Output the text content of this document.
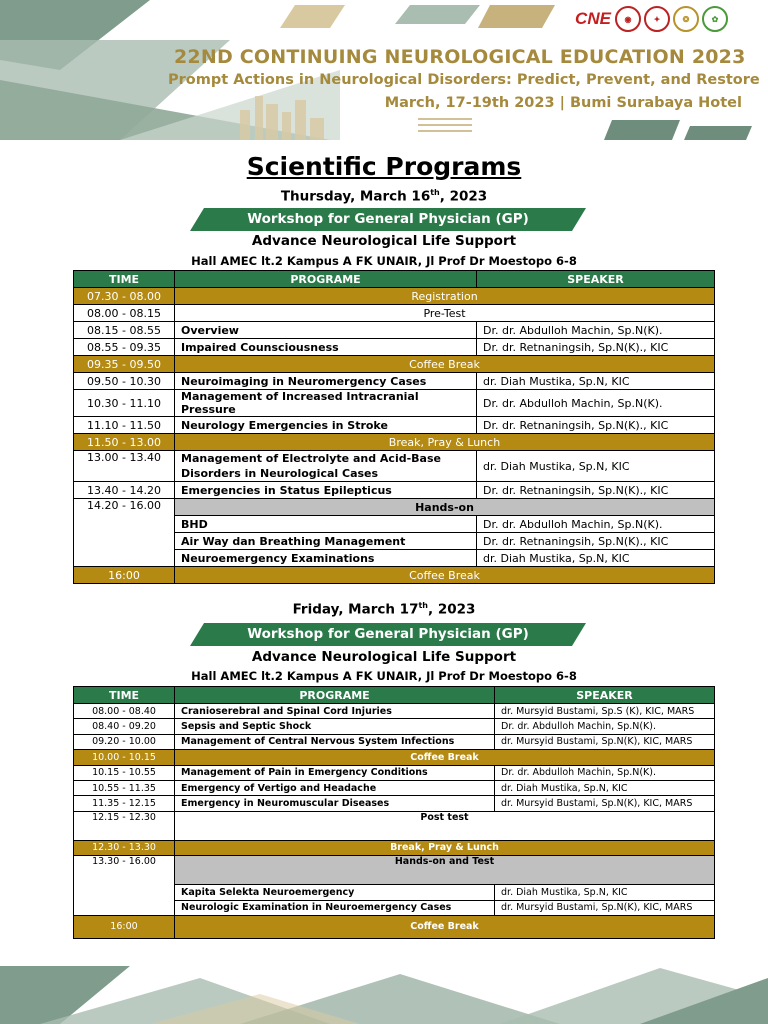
CNE	◉	✦	❂	✿
22ND CONTINUING NEUROLOGICAL EDUCATION 2023
Prompt Actions in Neurological Disorders: Predict, Prevent, and Restore
March, 17-19th 2023 | Bumi Surabaya Hotel
Scientific Programs
Thursday, March 16th, 2023
Workshop for General Physician (GP)
Advance Neurological Life Support
Hall AMEC lt.2 Kampus A FK UNAIR, Jl Prof Dr Moestopo 6-8
TIME	PROGRAME	SPEAKER
07.30 - 08.00	Registration	
08.00 - 08.15	Pre-Test	
08.15 - 08.55	Overview	Dr. dr. Abdulloh Machin, Sp.N(K).
08.55 - 09.35	Impaired Counsciousness	Dr. dr. Retnaningsih, Sp.N(K)., KIC
09.35 - 09.50	Coffee Break	
09.50 - 10.30	Neuroimaging in Neuromergency Cases	dr. Diah Mustika, Sp.N, KIC
10.30 - 11.10	Management of Increased Intracranial Pressure	Dr. dr. Abdulloh Machin, Sp.N(K).
11.10 - 11.50	Neurology Emergencies in Stroke	Dr. dr. Retnaningsih, Sp.N(K)., KIC
11.50 - 13.00	Break, Pray & Lunch	
13.00 - 13.40	Management of Electrolyte and Acid-Base Disorders in Neurological Cases	dr. Diah Mustika, Sp.N, KIC
13.40 - 14.20	Emergencies in Status Epilepticus	Dr. dr. Retnaningsih, Sp.N(K)., KIC
14.20 - 16.00	Hands-on	
	BHD	Dr. dr. Abdulloh Machin, Sp.N(K).
	Air Way dan Breathing Management	Dr. dr. Retnaningsih, Sp.N(K)., KIC
	Neuroemergency Examinations	dr. Diah Mustika, Sp.N, KIC
16:00	Coffee Break	
Friday, March 17th, 2023
Workshop for General Physician (GP)
Advance Neurological Life Support
Hall AMEC lt.2 Kampus A FK UNAIR, Jl Prof Dr Moestopo 6-8
TIME	PROGRAME	SPEAKER
08.00 - 08.40	Cranioserebral and Spinal Cord Injuries	dr. Mursyid Bustami, Sp.S (K), KIC, MARS
08.40 - 09.20	Sepsis and Septic Shock	Dr. dr. Abdulloh Machin, Sp.N(K).
09.20 - 10.00	Management of Central Nervous System Infections	dr. Mursyid Bustami, Sp.N(K), KIC, MARS
10.00 - 10.15	Coffee Break	
10.15 - 10.55	Management of Pain in Emergency Conditions	Dr. dr. Abdulloh Machin, Sp.N(K).
10.55 - 11.35	Emergency of Vertigo and Headache	dr. Diah Mustika, Sp.N, KIC
11.35 - 12.15	Emergency in Neuromuscular Diseases	dr. Mursyid Bustami, Sp.N(K), KIC, MARS
12.15 - 12.30	Post test	
12.30 - 13.30	Break, Pray & Lunch	
13.30 - 16.00	Hands-on and Test	
	Kapita Selekta Neuroemergency	dr. Diah Mustika, Sp.N, KIC
	Neurologic Examination in Neuroemergency Cases	dr. Mursyid Bustami, Sp.N(K), KIC, MARS
16:00	Coffee Break	
